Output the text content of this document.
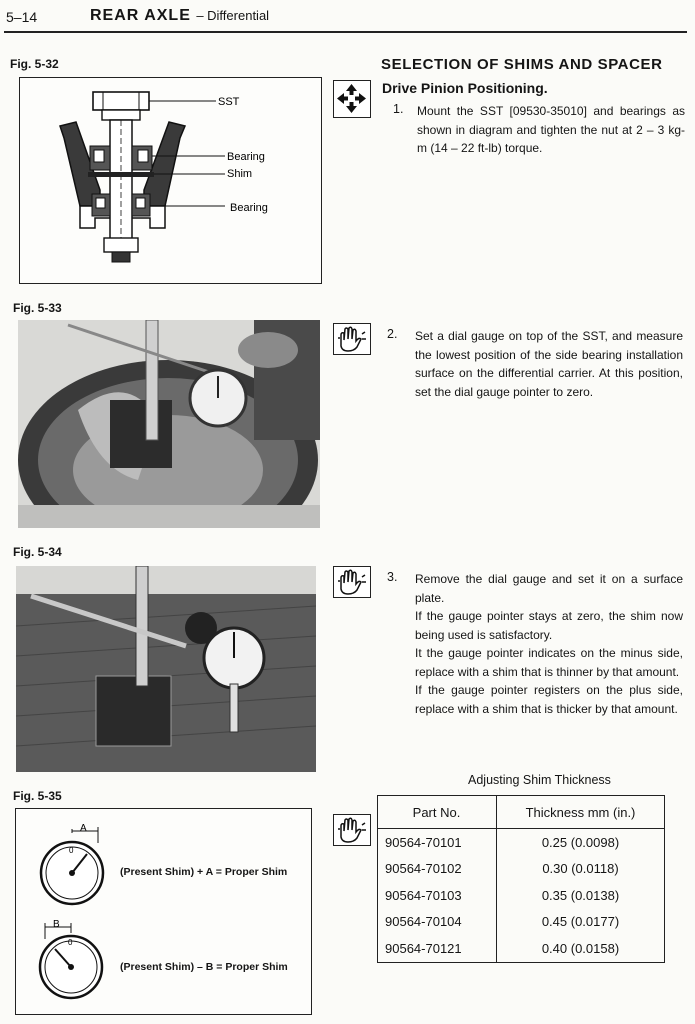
5–14	REAR AXLE – Differential
Fig. 5-32
SST
Bearing
Shim
Bearing
Fig. 5-33
Fig. 5-34
Fig. 5-35
0
A
(Present Shim) + A = Proper Shim
0
B
(Present Shim) – B = Proper Shim
SELECTION OF SHIMS AND SPACER
Drive Pinion Positioning.
1. Mount the SST [09530-35010] and bearings as shown in diagram and tighten the nut at 2 – 3 kg-m (14 – 22 ft-lb) torque.

2. Set a dial gauge on top of the SST, and measure the lowest position of the side bearing installation surface on the differential carrier. At this position, set the dial gauge pointer to zero.

3. Remove the dial gauge and set it on a surface plate.

If the gauge pointer stays at zero, the shim now being used is satisfactory.

It the gauge pointer indicates on the minus side, replace with a shim that is thinner by that amount.

If the gauge pointer registers on the plus side, replace with a shim that is thicker by that amount.

Adjusting Shim Thickness
Part No.	Thickness mm (in.)
90564-70101	0.25 (0.0098)
90564-70102	0.30 (0.0118)
90564-70103	0.35 (0.0138)
90564-70104	0.45 (0.0177)
90564-70121	0.40 (0.0158)
